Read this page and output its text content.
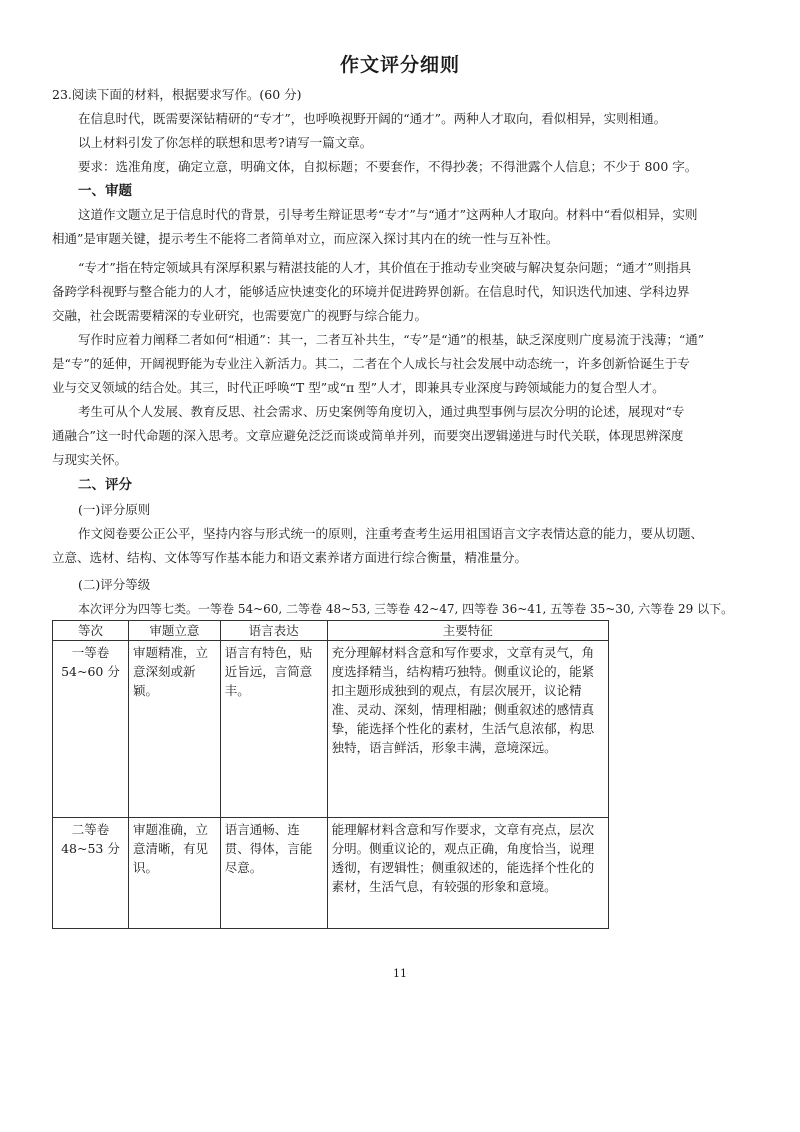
作文评分细则
23.阅读下面的材料，根据要求写作。(60 分)
在信息时代，既需要深钻精研的“专才”，也呼唤视野开阔的“通才”。两种人才取向，看似相异，实则相通。
以上材料引发了你怎样的联想和思考?请写一篇文章。
要求：选准角度，确定立意，明确文体，自拟标题；不要套作，不得抄袭；不得泄露个人信息；不少于 800 字。
一、审题
这道作文题立足于信息时代的背景，引导考生辩证思考“专才”与“通才”这两种人才取向。材料中“看似相异，实则
相通”是审题关键，提示考生不能将二者简单对立，而应深入探讨其内在的统一性与互补性。
“专才”指在特定领域具有深厚积累与精湛技能的人才，其价值在于推动专业突破与解决复杂问题；“通才”则指具
备跨学科视野与整合能力的人才，能够适应快速变化的环境并促进跨界创新。在信息时代，知识迭代加速、学科边界
交融，社会既需要精深的专业研究，也需要宽广的视野与综合能力。
写作时应着力阐释二者如何“相通”：其一，二者互补共生，“专”是“通”的根基，缺乏深度则广度易流于浅薄；“通”
是“专”的延伸，开阔视野能为专业注入新活力。其二，二者在个人成长与社会发展中动态统一，许多创新恰诞生于专
业与交叉领域的结合处。其三，时代正呼唤“T 型”或“π 型”人才，即兼具专业深度与跨领域能力的复合型人才。
考生可从个人发展、教育反思、社会需求、历史案例等角度切入，通过典型事例与层次分明的论述，展现对“专
通融合”这一时代命题的深入思考。文章应避免泛泛而谈或简单并列，而要突出逻辑递进与时代关联，体现思辨深度
与现实关怀。
二、评分
(一)评分原则
作文阅卷要公正公平，坚持内容与形式统一的原则，注重考查考生运用祖国语言文字表情达意的能力，要从切题、
立意、选材、结构、文体等写作基本能力和语文素养诸方面进行综合衡量，精准量分。
(二)评分等级
本次评分为四等七类。一等卷 54~60, 二等卷 48~53, 三等卷 42~47, 四等卷 36~41, 五等卷 35~30, 六等卷 29 以下。
等次	审题立意	语言表达	主要特征

一等卷
54~60 分	审题精准，立意深刻或新颖。	语言有特色，贴近旨远，言简意丰。	充分理解材料含意和写作要求，文章有灵气，角度选择精当，结构精巧独特。侧重议论的，能紧扣主题形成独到的观点，有层次展开，议论精准、灵动、深刻，情理相融；侧重叙述的感情真挚，能选择个性化的素材，生活气息浓郁，构思独特，语言鲜活，形象丰满，意境深远。

二等卷
48~53 分	审题准确，立意清晰，有见识。	语言通畅、连贯、得体，言能尽意。	能理解材料含意和写作要求，文章有亮点，层次分明。侧重议论的，观点正确，角度恰当，说理透彻，有逻辑性；侧重叙述的，能选择个性化的素材，生活气息，有较强的形象和意境。
11
